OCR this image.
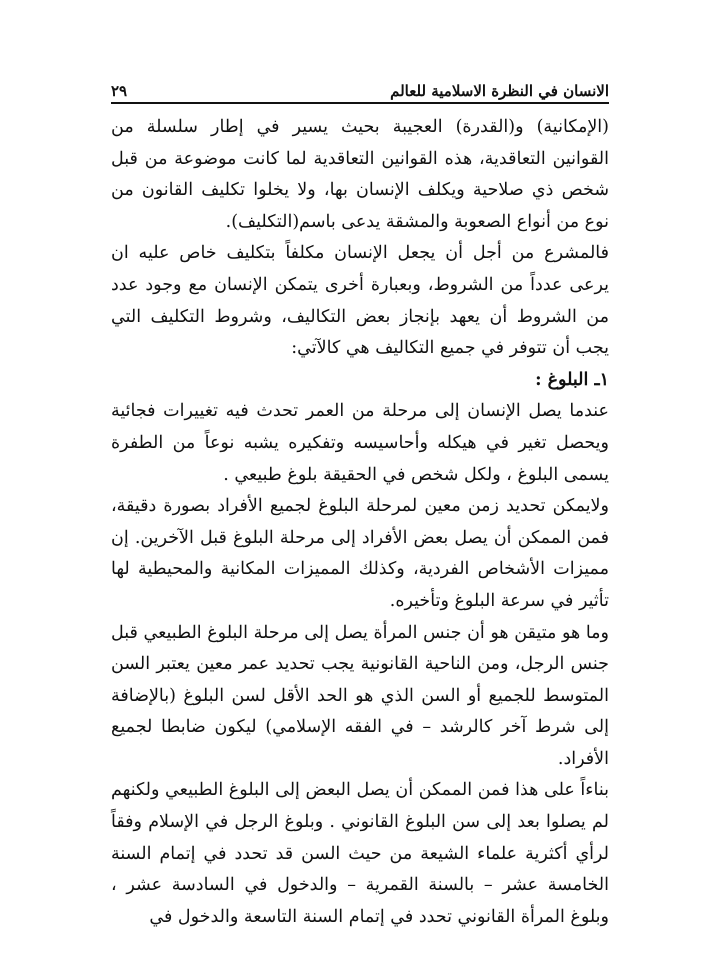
الانسان في النظرة الاسلامية للعالم
٢٩

(الإمكانية) و(القدرة) العجيبة بحيث يسير في إطار سلسلة من القوانين التعاقدية، هذه القوانين التعاقدية لما كانت موضوعة من قبل شخص ذي صلاحية ويكلف الإنسان بها، ولا يخلوا تكليف القانون من نوع من أنواع الصعوبة والمشقة يدعى باسم(التكليف).

فالمشرع من أجل أن يجعل الإنسان مكلفاً بتكليف خاص عليه ان يرعى عدداً من الشروط، وبعبارة أخرى يتمكن الإنسان مع وجود عدد من الشروط أن يعهد بإنجاز بعض التكاليف، وشروط التكليف التي يجب أن تتوفر في جميع التكاليف هي كالآتي:

١ـ البلوغ :

عندما يصل الإنسان إلى مرحلة من العمر تحدث فيه تغييرات فجائية ويحصل تغير في هيكله وأحاسيسه وتفكيره يشبه نوعاً من الطفرة يسمى البلوغ ، ولكل شخص في الحقيقة بلوغ طبيعي .

ولايمكن تحديد زمن معين لمرحلة البلوغ لجميع الأفراد بصورة دقيقة، فمن الممكن أن يصل بعض الأفراد إلى مرحلة البلوغ قبل الآخرين. إن مميزات الأشخاص الفردية، وكذلك المميزات المكانية والمحيطية لها تأثير في سرعة البلوغ وتأخيره.

وما هو متيقن هو أن جنس المرأة يصل إلى مرحلة البلوغ الطبيعي قبل جنس الرجل، ومن الناحية القانونية يجب تحديد عمر معين يعتبر السن المتوسط للجميع أو السن الذي هو الحد الأقل لسن البلوغ (بالإضافة إلى شرط آخر كالرشد – في الفقه الإسلامي) ليكون ضابطا لجميع الأفراد.

بناءاً على هذا فمن الممكن أن يصل البعض إلى البلوغ الطبيعي ولكنهم لم يصلوا بعد إلى سن البلوغ القانوني . وبلوغ الرجل في الإسلام وفقاً لرأي أكثرية علماء الشيعة من حيث السن قد تحدد في إتمام السنة الخامسة عشر – بالسنة القمرية – والدخول في السادسة عشر ، وبلوغ المرأة القانوني تحدد في إتمام السنة التاسعة والدخول في
